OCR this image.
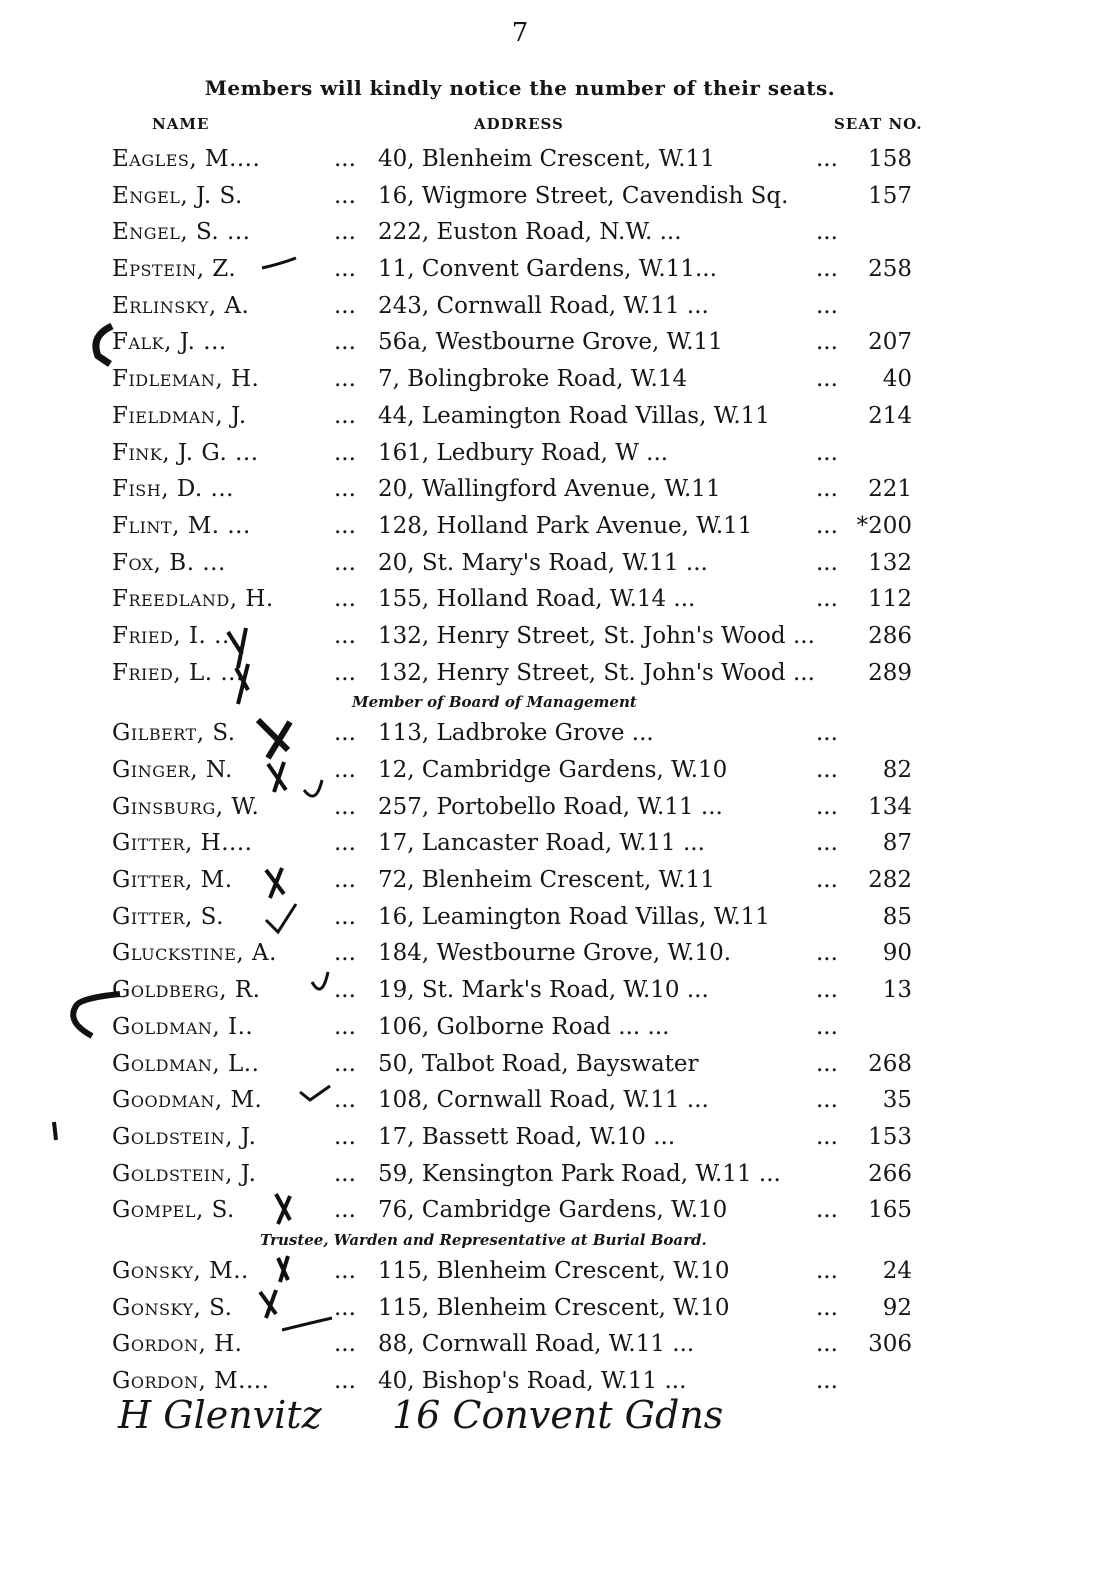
7
Members will kindly notice the number of their seats.
NAME	ADDRESS	SEAT NO.
Eagles, M....	... 40, Blenheim Crescent, W.11	... 158
Engel, J. S.	... 16, Wigmore Street, Cavendish Sq.	157
Engel, S. ...	... 222, Euston Road, N.W. ...	...
Epstein, Z.	... 11, Convent Gardens, W.11...	... 258
Erlinsky, A.	... 243, Cornwall Road, W.11 ...	...
Falk, J. ...	... 56a, Westbourne Grove, W.11	... 207
Fidleman, H.	... 7, Bolingbroke Road, W.14	... 40
Fieldman, J.	... 44, Leamington Road Villas, W.11	214
Fink, J. G. ...	... 161, Ledbury Road, W ...	...
Fish, D. ...	... 20, Wallingford Avenue, W.11	... 221
Flint, M. ...	... 128, Holland Park Avenue, W.11	... *200
Fox, B. ...	... 20, St. Mary's Road, W.11 ...	... 132
Freedland, H.	... 155, Holland Road, W.14 ...	... 112
Fried, I. ...	... 132, Henry Street, St. John's Wood ... 286
Fried, L. ...	... 132, Henry Street, St. John's Wood ... 289
Member of Board of Management
Gilbert, S.	... 113, Ladbroke Grove ...	...
Ginger, N.	... 12, Cambridge Gardens, W.10	... 82
Ginsburg, W.	... 257, Portobello Road, W.11 ...	... 134
Gitter, H....	... 17, Lancaster Road, W.11 ...	... 87
Gitter, M.	... 72, Blenheim Crescent, W.11	... 282
Gitter, S.	... 16, Leamington Road Villas, W.11	85
Gluckstine, A. ... 184, Westbourne Grove, W.10.	... 90
Goldberg, R.	... 19, St. Mark's Road, W.10 ...	... 13
Goldman, I..	... 106, Golborne Road ... ...	...
Goldman, L..	... 50, Talbot Road, Bayswater	... 268
Goodman, M.	... 108, Cornwall Road, W.11 ...	... 35
Goldstein, J.	... 17, Bassett Road, W.10 ...	... 153
Goldstein, J.	... 59, Kensington Park Road, W.11 ...	266
Gompel, S.	... 76, Cambridge Gardens, W.10	... 165
Trustee, Warden and Representative at Burial Board.
Gonsky, M..	... 115, Blenheim Crescent, W.10	... 24
Gonsky, S.	... 115, Blenheim Crescent, W.10	... 92
Gordon, H.	... 88, Cornwall Road, W.11 ...	... 306
Gordon, M....	... 40, Bishop's Road, W.11 ...	...
H Glenvitz 16 Convent Gdns
